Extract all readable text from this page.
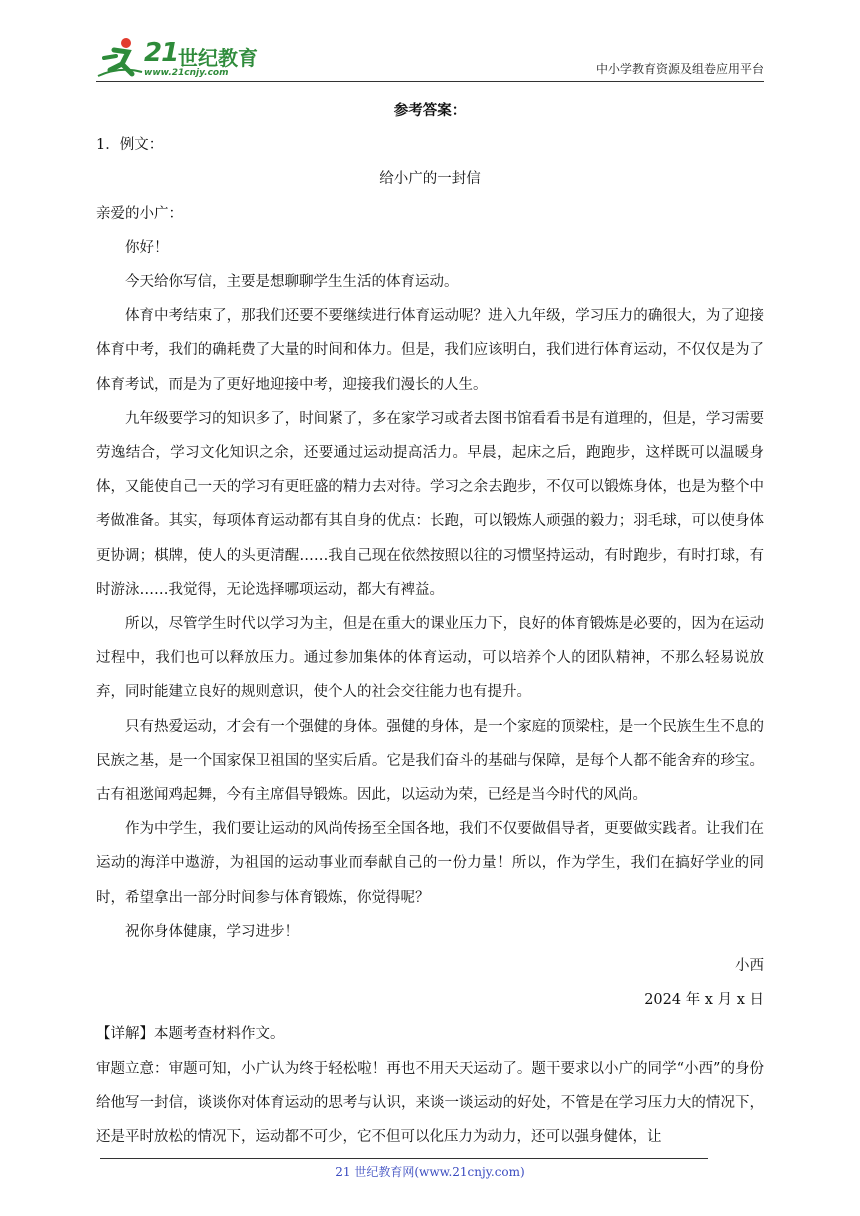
21 世纪教育
www.21cnjy.com	中小学教育资源及组卷应用平台

参考答案：

1．例文：

给小广的一封信

亲爱的小广：

你好！

今天给你写信，主要是想聊聊学生生活的体育运动。

体育中考结束了，那我们还要不要继续进行体育运动呢？进入九年级，学习压力的确很大，为了迎接体育中考，我们的确耗费了大量的时间和体力。但是，我们应该明白，我们进行体育运动，不仅仅是为了体育考试，而是为了更好地迎接中考，迎接我们漫长的人生。

九年级要学习的知识多了，时间紧了，多在家学习或者去图书馆看看书是有道理的，但是，学习需要劳逸结合，学习文化知识之余，还要通过运动提高活力。早晨，起床之后，跑跑步，这样既可以温暖身体，又能使自己一天的学习有更旺盛的精力去对待。学习之余去跑步，不仅可以锻炼身体，也是为整个中考做准备。其实，每项体育运动都有其自身的优点：长跑，可以锻炼人顽强的毅力；羽毛球，可以使身体更协调；棋牌，使人的头更清醒……我自己现在依然按照以往的习惯坚持运动，有时跑步，有时打球，有时游泳……我觉得，无论选择哪项运动，都大有裨益。

所以，尽管学生时代以学习为主，但是在重大的课业压力下，良好的体育锻炼是必要的，因为在运动过程中，我们也可以释放压力。通过参加集体的体育运动，可以培养个人的团队精神，不那么轻易说放弃，同时能建立良好的规则意识，使个人的社会交往能力也有提升。

只有热爱运动，才会有一个强健的身体。强健的身体，是一个家庭的顶梁柱，是一个民族生生不息的民族之基，是一个国家保卫祖国的坚实后盾。它是我们奋斗的基础与保障，是每个人都不能舍弃的珍宝。古有祖逖闻鸡起舞，今有主席倡导锻炼。因此，以运动为荣，已经是当今时代的风尚。

作为中学生，我们要让运动的风尚传扬至全国各地，我们不仅要做倡导者，更要做实践者。让我们在运动的海洋中遨游，为祖国的运动事业而奉献自己的一份力量！所以，作为学生，我们在搞好学业的同时，希望拿出一部分时间参与体育锻炼，你觉得呢？

祝你身体健康，学习进步！

小西

2024 年 x 月 x 日

【详解】本题考查材料作文。

审题立意：审题可知，小广认为终于轻松啦！再也不用天天运动了。题干要求以小广的同学“小西”的身份给他写一封信，谈谈你对体育运动的思考与认识，来谈一谈运动的好处，不管是在学习压力大的情况下，还是平时放松的情况下，运动都不可少，它不但可以化压力为动力，还可以强身健体，让

21 世纪教育网(www.21cnjy.com)
